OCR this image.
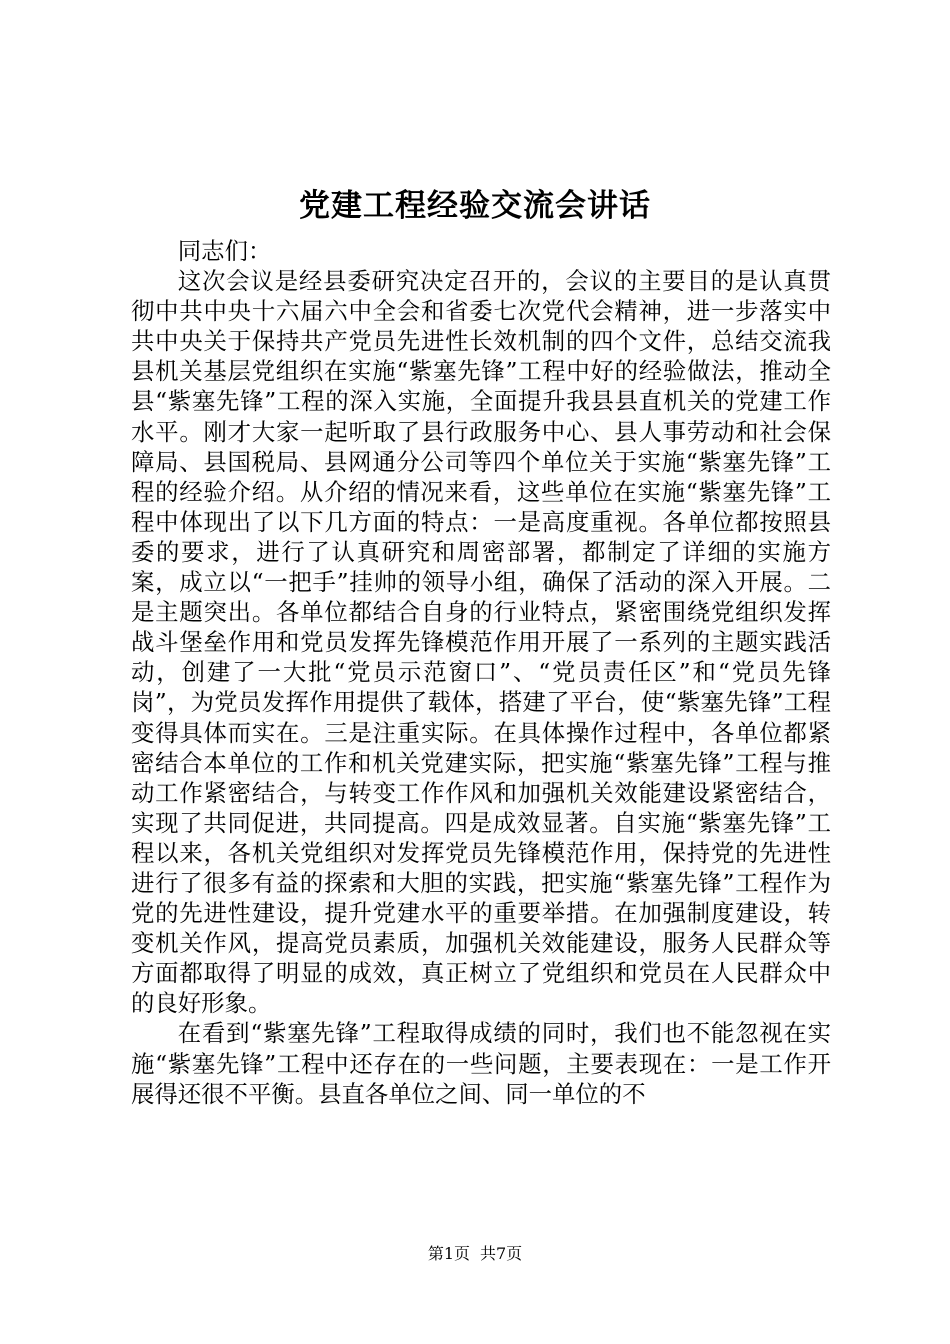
党建工程经验交流会讲话

同志们：

这次会议是经县委研究决定召开的，会议的主要目的是认真贯彻中共中央十六届六中全会和省委七次党代会精神，进一步落实中共中央关于保持共产党员先进性长效机制的四个文件，总结交流我县机关基层党组织在实施“紫塞先锋”工程中好的经验做法，推动全县“紫塞先锋”工程的深入实施，全面提升我县县直机关的党建工作水平。刚才大家一起听取了县行政服务中心、县人事劳动和社会保障局、县国税局、县网通分公司等四个单位关于实施“紫塞先锋”工程的经验介绍。从介绍的情况来看，这些单位在实施“紫塞先锋”工程中体现出了以下几方面的特点：一是高度重视。各单位都按照县委的要求，进行了认真研究和周密部署，都制定了详细的实施方案，成立以“一把手”挂帅的领导小组，确保了活动的深入开展。二是主题突出。各单位都结合自身的行业特点，紧密围绕党组织发挥战斗堡垒作用和党员发挥先锋模范作用开展了一系列的主题实践活动，创建了一大批“党员示范窗口”、“党员责任区”和“党员先锋岗”，为党员发挥作用提供了载体，搭建了平台，使“紫塞先锋”工程变得具体而实在。三是注重实际。在具体操作过程中，各单位都紧密结合本单位的工作和机关党建实际，把实施“紫塞先锋”工程与推动工作紧密结合，与转变工作作风和加强机关效能建设紧密结合，实现了共同促进，共同提高。四是成效显著。自实施“紫塞先锋”工程以来，各机关党组织对发挥党员先锋模范作用，保持党的先进性进行了很多有益的探索和大胆的实践，把实施“紫塞先锋”工程作为党的先进性建设，提升党建水平的重要举措。在加强制度建设，转变机关作风，提高党员素质，加强机关效能建设，服务人民群众等方面都取得了明显的成效，真正树立了党组织和党员在人民群众中的良好形象。

在看到“紫塞先锋”工程取得成绩的同时，我们也不能忽视在实施“紫塞先锋”工程中还存在的一些问题，主要表现在：一是工作开展得还很不平衡。县直各单位之间、同一单位的不

第1页 共7页
